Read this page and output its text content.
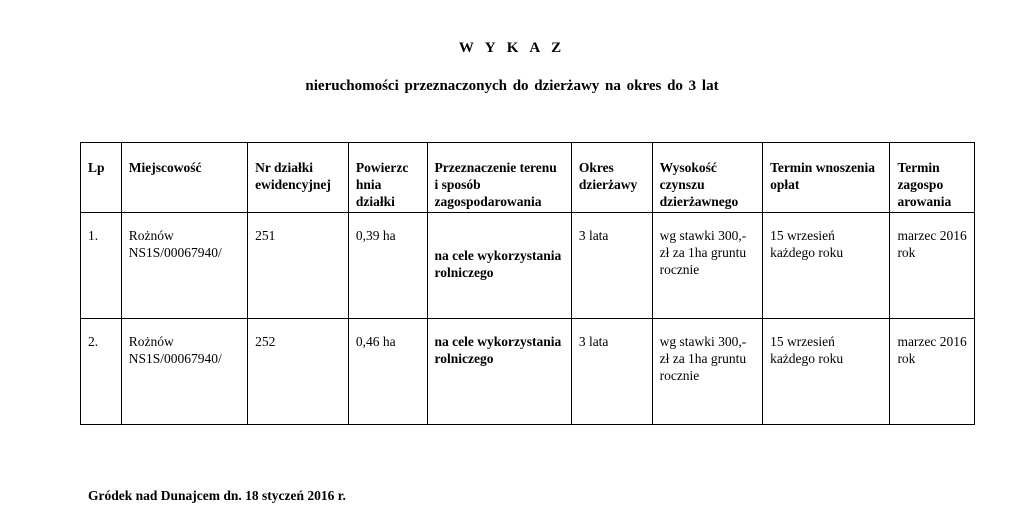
W Y K A Z
nieruchomości przeznaczonych do dzierżawy na okres do 3 lat
Lp	Miejscowość	Nr działki ewidencyjnej	Powierzc hnia działki	Przeznaczenie terenu i sposób zagospodarowania	Okres dzierżawy	Wysokość czynszu dzierżawnego	Termin wnoszenia opłat	Termin zagospo arowania
1.	Rożnów NS1S/00067940/	251	0,39 ha	na cele wykorzystania rolniczego	3 lata	wg stawki 300,-zł za 1ha gruntu rocznie	15 wrzesień każdego roku	marzec 2016 rok
2.	Rożnów NS1S/00067940/	252	0,46 ha	na cele wykorzystania rolniczego	3 lata	wg stawki 300,-zł za 1ha gruntu rocznie	15 wrzesień każdego roku	marzec 2016 rok
Gródek nad Dunajcem dn. 18 styczeń 2016 r.
